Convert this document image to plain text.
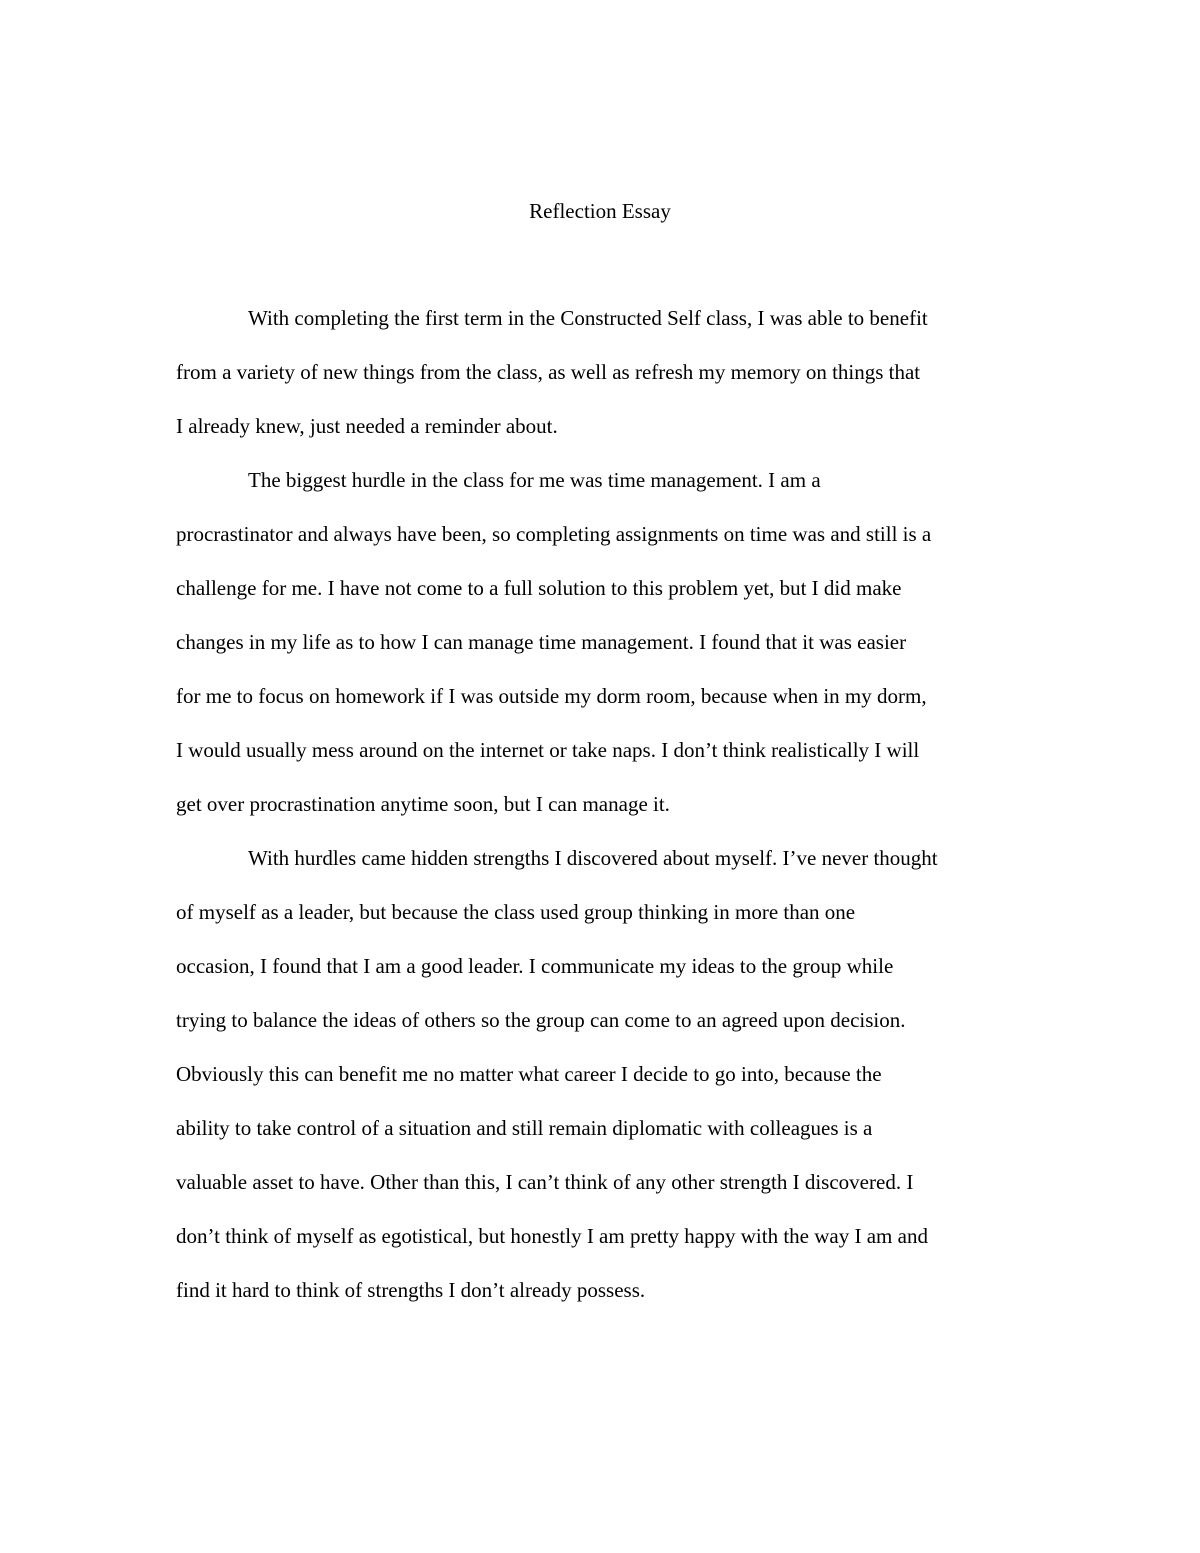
Reflection Essay

With completing the first term in the Constructed Self class, I was able to benefit
from a variety of new things from the class, as well as refresh my memory on things that
I already knew, just needed a reminder about.

The biggest hurdle in the class for me was time management. I am a
procrastinator and always have been, so completing assignments on time was and still is a
challenge for me. I have not come to a full solution to this problem yet, but I did make
changes in my life as to how I can manage time management. I found that it was easier
for me to focus on homework if I was outside my dorm room, because when in my dorm,
I would usually mess around on the internet or take naps. I don’t think realistically I will
get over procrastination anytime soon, but I can manage it.

With hurdles came hidden strengths I discovered about myself. I’ve never thought
of myself as a leader, but because the class used group thinking in more than one
occasion, I found that I am a good leader. I communicate my ideas to the group while
trying to balance the ideas of others so the group can come to an agreed upon decision.
Obviously this can benefit me no matter what career I decide to go into, because the
ability to take control of a situation and still remain diplomatic with colleagues is a
valuable asset to have. Other than this, I can’t think of any other strength I discovered. I
don’t think of myself as egotistical, but honestly I am pretty happy with the way I am and
find it hard to think of strengths I don’t already possess.
